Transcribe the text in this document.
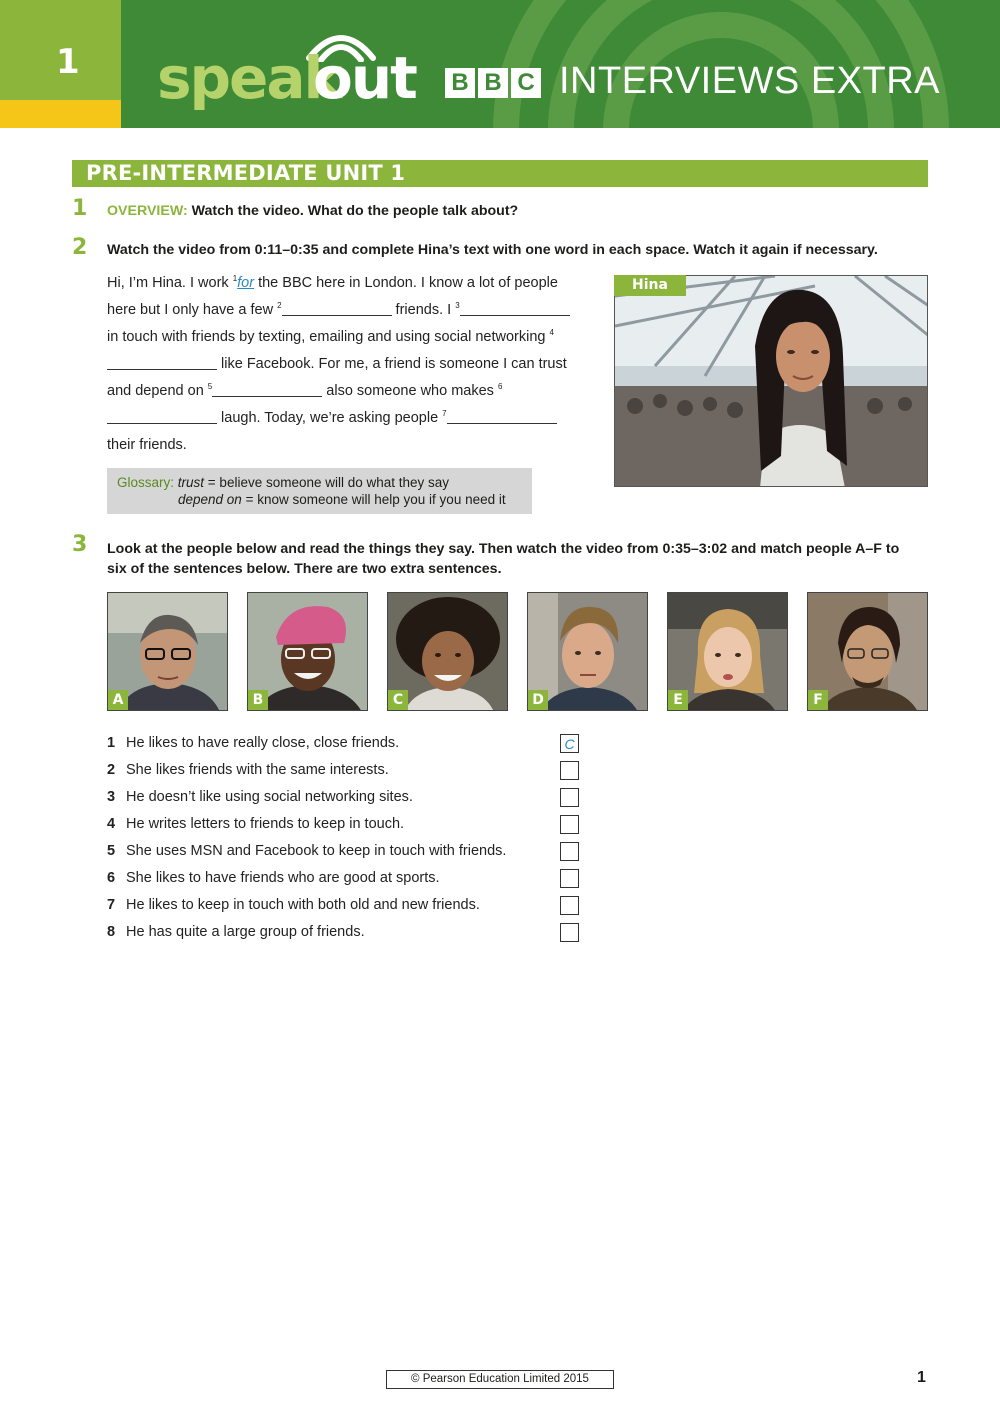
1 speak
out B B C INTERVIEWS EXTRA
PRE-INTERMEDIATE UNIT 1
1 OVERVIEW: Watch the video. What do the people talk about?
2 Watch the video from 0:11–0:35 and complete Hina’s text with one word in each space. Watch it again if necessary.
Hi, I’m Hina. I work $^1$for the BBC here in London. I know a lot of people here but I only have a few $^2$	friends. I $^3$ in touch with friends by texting, emailing and using social networking $^4$ like Facebook. For me, a friend is someone I can trust and depend on $^5$	also someone who makes $^6$ laugh. Today, we’re asking people $^7$ their friends.
Glossary: trust = believe someone will do what they say
depend on = know someone will help you if you need it
Hina
3 Look at the people below and read the things they say. Then watch the video from 0:35–3:02 and match people A–F to six of the sentences below. There are two extra sentences.
A	B	C	D	E	F
1 He likes to have really close, close friends.	C
2 She likes friends with the same interests.
3 He doesn’t like using social networking sites.
4 He writes letters to friends to keep in touch.
5 She uses MSN and Facebook to keep in touch with friends.
6 She likes to have friends who are good at sports.
7 He likes to keep in touch with both old and new friends.
8 He has quite a large group of friends.
© Pearson Education Limited 2015	1
